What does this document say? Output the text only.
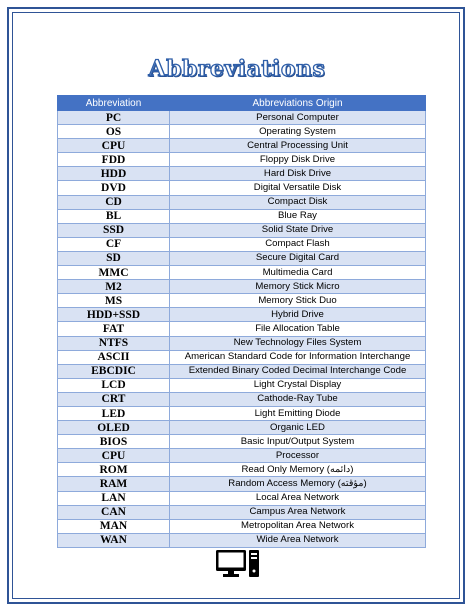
Abbreviations
Abbreviation	Abbreviations Origin
PC	Personal Computer
OS	Operating System
CPU	Central Processing Unit
FDD	Floppy Disk Drive
HDD	Hard Disk Drive
DVD	Digital Versatile Disk
CD	Compact Disk
BL	Blue Ray
SSD	Solid State Drive
CF	Compact Flash
SD	Secure Digital Card
MMC	Multimedia Card
M2	Memory Stick Micro
MS	Memory Stick Duo
HDD+SSD	Hybrid Drive
FAT	File Allocation Table
NTFS	New Technology Files System
ASCII	American Standard Code for Information Interchange
EBCDIC	Extended Binary Coded Decimal Interchange Code
LCD	Light Crystal Display
CRT	Cathode-Ray Tube
LED	Light Emitting Diode
OLED	Organic LED
BIOS	Basic Input/Output System
CPU	Processor
ROM	Read Only Memory (دائمه)
RAM	Random Access Memory (مؤقته)
LAN	Local Area Network
CAN	Campus Area Network
MAN	Metropolitan Area Network
WAN	Wide Area Network
